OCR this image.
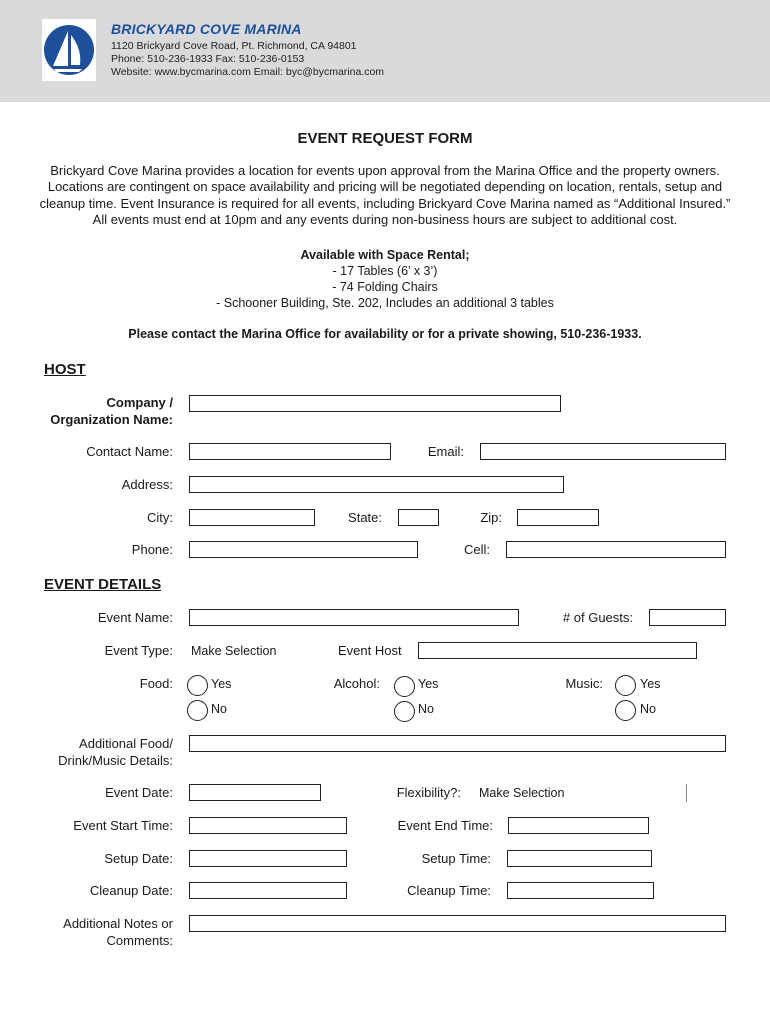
BRICKYARD COVE MARINA
1120 Brickyard Cove Road, Pt. Richmond, CA 94801
Phone: 510-236-1933 Fax: 510-236-0153
Website: www.bycmarina.com Email: byc@bycmarina.com
EVENT REQUEST FORM
Brickyard Cove Marina provides a location for events upon approval from the Marina Office and the property owners. Locations are contingent on space availability and pricing will be negotiated depending on location, rentals, setup and cleanup time. Event Insurance is required for all events, including Brickyard Cove Marina named as “Additional Insured.” All events must end at 10pm and any events during non-business hours are subject to additional cost.
Available with Space Rental;
- 17 Tables (6’ x 3’)
- 74 Folding Chairs
- Schooner Building, Ste. 202, Includes an additional 3 tables
Please contact the Marina Office for availability or for a private showing, 510-236-1933.
HOST
Company /
Organization Name:
Contact Name:	Email:
Address:
City:	State:	Zip:
Phone:	Cell:
EVENT DETAILS
Event Name:	# of Guests:
Event Type: Make Selection	Event Host
Food:	Yes
No
Alcohol:	Yes
No
Music:	Yes
No
Additional Food/
Drink/Music Details:
Event Date:	Flexibility?: Make Selection
Event Start Time:	Event End Time:
Setup Date:	Setup Time:
Cleanup Date:	Cleanup Time:
Additional Notes or
Comments:
